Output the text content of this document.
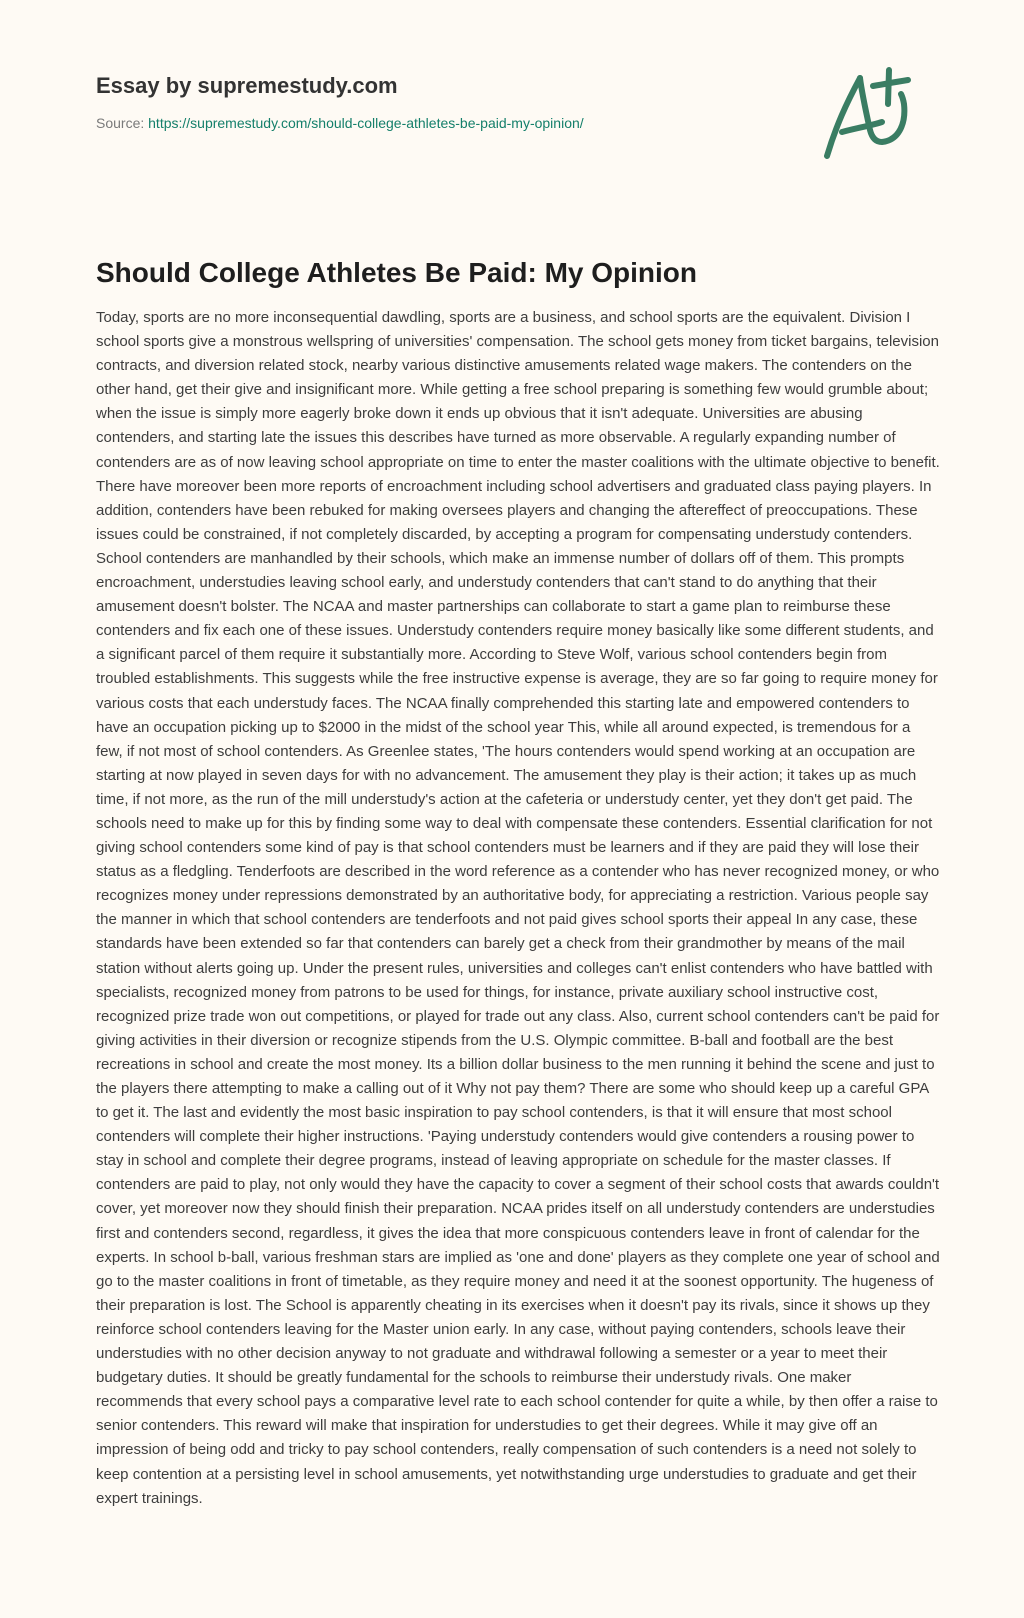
Essay by supremestudy.com
Source: https://supremestudy.com/should-college-athletes-be-paid-my-opinion/
Should College Athletes Be Paid: My Opinion

Today, sports are no more inconsequential dawdling, sports are a business, and school sports are the equivalent. Division I school sports give a monstrous wellspring of universities' compensation. The school gets money from ticket bargains, television contracts, and diversion related stock, nearby various distinctive amusements related wage makers. The contenders on the other hand, get their give and insignificant more. While getting a free school preparing is something few would grumble about; when the issue is simply more eagerly broke down it ends up obvious that it isn't adequate. Universities are abusing contenders, and starting late the issues this describes have turned as more observable. A regularly expanding number of contenders are as of now leaving school appropriate on time to enter the master coalitions with the ultimate objective to benefit. There have moreover been more reports of encroachment including school advertisers and graduated class paying players. In addition, contenders have been rebuked for making oversees players and changing the aftereffect of preoccupations. These issues could be constrained, if not completely discarded, by accepting a program for compensating understudy contenders. School contenders are manhandled by their schools, which make an immense number of dollars off of them. This prompts encroachment, understudies leaving school early, and understudy contenders that can't stand to do anything that their amusement doesn't bolster. The NCAA and master partnerships can collaborate to start a game plan to reimburse these contenders and fix each one of these issues. Understudy contenders require money basically like some different students, and a significant parcel of them require it substantially more. According to Steve Wolf, various school contenders begin from troubled establishments. This suggests while the free instructive expense is average, they are so far going to require money for various costs that each understudy faces. The NCAA finally comprehended this starting late and empowered contenders to have an occupation picking up to $2000 in the midst of the school year This, while all around expected, is tremendous for a few, if not most of school contenders. As Greenlee states, 'The hours contenders would spend working at an occupation are starting at now played in seven days for with no advancement. The amusement they play is their action; it takes up as much time, if not more, as the run of the mill understudy's action at the cafeteria or understudy center, yet they don't get paid. The schools need to make up for this by finding some way to deal with compensate these contenders. Essential clarification for not giving school contenders some kind of pay is that school contenders must be learners and if they are paid they will lose their status as a fledgling. Tenderfoots are described in the word reference as a contender who has never recognized money, or who recognizes money under repressions demonstrated by an authoritative body, for appreciating a restriction. Various people say the manner in which that school contenders are tenderfoots and not paid gives school sports their appeal In any case, these standards have been extended so far that contenders can barely get a check from their grandmother by means of the mail station without alerts going up. Under the present rules, universities and colleges can't enlist contenders who have battled with specialists, recognized money from patrons to be used for things, for instance, private auxiliary school instructive cost, recognized prize trade won out competitions, or played for trade out any class. Also, current school contenders can't be paid for giving activities in their diversion or recognize stipends from the U.S. Olympic committee. B-ball and football are the best recreations in school and create the most money. Its a billion dollar business to the men running it behind the scene and just to the players there attempting to make a calling out of it Why not pay them? There are some who should keep up a careful GPA to get it. The last and evidently the most basic inspiration to pay school contenders, is that it will ensure that most school contenders will complete their higher instructions. 'Paying understudy contenders would give contenders a rousing power to stay in school and complete their degree programs, instead of leaving appropriate on schedule for the master classes. If contenders are paid to play, not only would they have the capacity to cover a segment of their school costs that awards couldn't cover, yet moreover now they should finish their preparation. NCAA prides itself on all understudy contenders are understudies first and contenders second, regardless, it gives the idea that more conspicuous contenders leave in front of calendar for the experts. In school b-ball, various freshman stars are implied as 'one and done' players as they complete one year of school and go to the master coalitions in front of timetable, as they require money and need it at the soonest opportunity. The hugeness of their preparation is lost. The School is apparently cheating in its exercises when it doesn't pay its rivals, since it shows up they reinforce school contenders leaving for the Master union early. In any case, without paying contenders, schools leave their understudies with no other decision anyway to not graduate and withdrawal following a semester or a year to meet their budgetary duties. It should be greatly fundamental for the schools to reimburse their understudy rivals. One maker recommends that every school pays a comparative level rate to each school contender for quite a while, by then offer a raise to senior contenders. This reward will make that inspiration for understudies to get their degrees. While it may give off an impression of being odd and tricky to pay school contenders, really compensation of such contenders is a need not solely to keep contention at a persisting level in school amusements, yet notwithstanding urge understudies to graduate and get their expert trainings.
